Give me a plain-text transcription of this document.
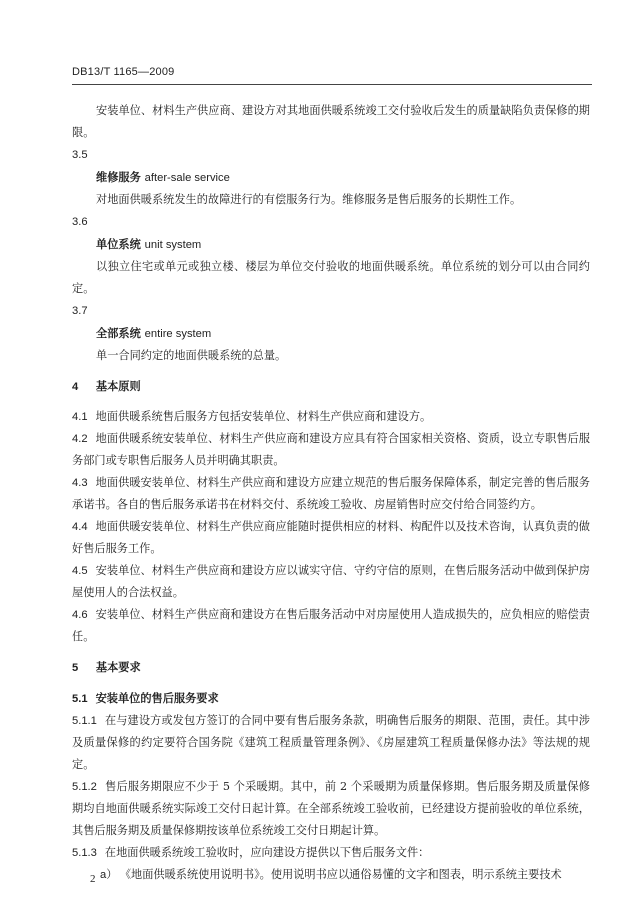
DB13/T 1165—2009

安装单位、材料生产供应商、建设方对其地面供暖系统竣工交付验收后发生的质量缺陷负责保修的期限。

3.5

维修服务 after-sale service

对地面供暖系统发生的故障进行的有偿服务行为。维修服务是售后服务的长期性工作。

3.6

单位系统 unit system

以独立住宅或单元或独立楼、楼层为单位交付验收的地面供暖系统。单位系统的划分可以由合同约定。

3.7

全部系统 entire system

单一合同约定的地面供暖系统的总量。

4 基本原则

4.1 地面供暖系统售后服务方包括安装单位、材料生产供应商和建设方。

4.2 地面供暖系统安装单位、材料生产供应商和建设方应具有符合国家相关资格、资质，设立专职售后服务部门或专职售后服务人员并明确其职责。

4.3 地面供暖安装单位、材料生产供应商和建设方应建立规范的售后服务保障体系，制定完善的售后服务承诺书。各自的售后服务承诺书在材料交付、系统竣工验收、房屋销售时应交付给合同签约方。

4.4 地面供暖安装单位、材料生产供应商应能随时提供相应的材料、构配件以及技术咨询，认真负责的做好售后服务工作。

4.5 安装单位、材料生产供应商和建设方应以诚实守信、守约守信的原则，在售后服务活动中做到保护房屋使用人的合法权益。

4.6 安装单位、材料生产供应商和建设方在售后服务活动中对房屋使用人造成损失的，应负相应的赔偿责任。

5 基本要求

5.1 安装单位的售后服务要求

5.1.1 在与建设方或发包方签订的合同中要有售后服务条款，明确售后服务的期限、范围，责任。其中涉及质量保修的约定要符合国务院《建筑工程质量管理条例》、《房屋建筑工程质量保修办法》等法规的规定。

5.1.2 售后服务期限应不少于 5 个采暖期。其中，前 2 个采暖期为质量保修期。售后服务期及质量保修期均自地面供暖系统实际竣工交付日起计算。在全部系统竣工验收前，已经建设方提前验收的单位系统，其售后服务期及质量保修期按该单位系统竣工交付日期起计算。

5.1.3 在地面供暖系统竣工验收时，应向建设方提供以下售后服务文件：

a） 《地面供暖系统使用说明书》。使用说明书应以通俗易懂的文字和图表，明示系统主要技术

2
